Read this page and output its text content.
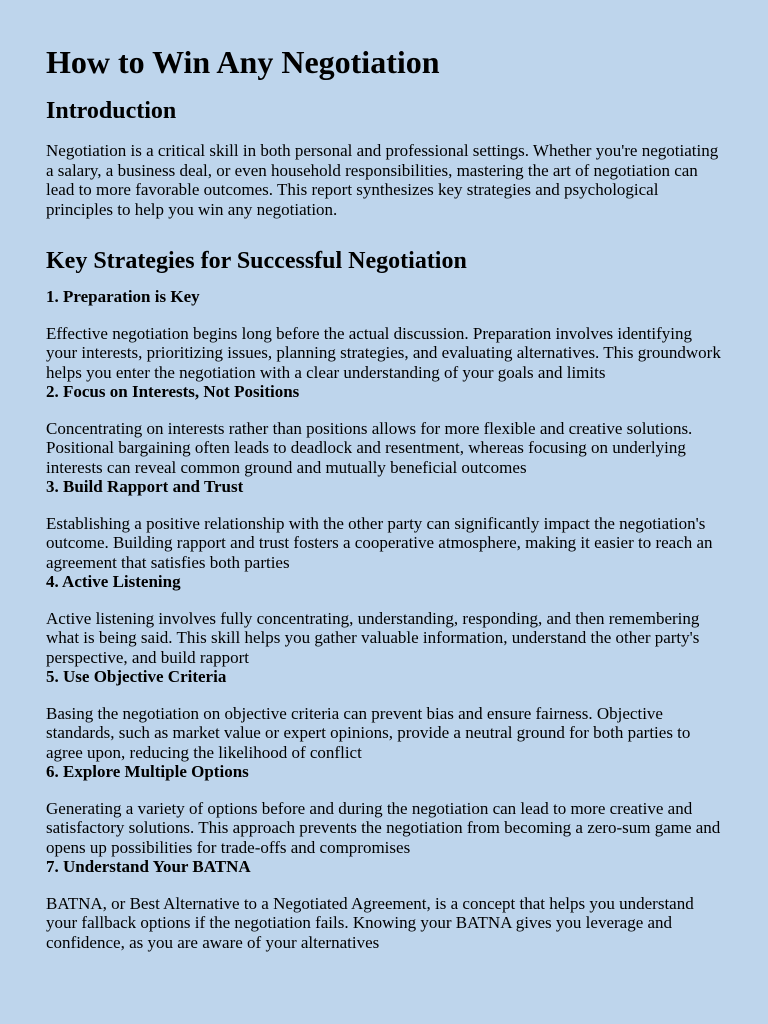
How to Win Any Negotiation
Introduction

Negotiation is a critical skill in both personal and professional settings. Whether you're negotiating a salary, a business deal, or even household responsibilities, mastering the art of negotiation can lead to more favorable outcomes. This report synthesizes key strategies and psychological principles to help you win any negotiation.

Key Strategies for Successful Negotiation
1. Preparation is Key

Effective negotiation begins long before the actual discussion. Preparation involves identifying your interests, prioritizing issues, planning strategies, and evaluating alternatives. This groundwork helps you enter the negotiation with a clear understanding of your goals and limits

2. Focus on Interests, Not Positions

Concentrating on interests rather than positions allows for more flexible and creative solutions. Positional bargaining often leads to deadlock and resentment, whereas focusing on underlying interests can reveal common ground and mutually beneficial outcomes

3. Build Rapport and Trust

Establishing a positive relationship with the other party can significantly impact the negotiation's outcome. Building rapport and trust fosters a cooperative atmosphere, making it easier to reach an agreement that satisfies both parties

4. Active Listening

Active listening involves fully concentrating, understanding, responding, and then remembering what is being said. This skill helps you gather valuable information, understand the other party's perspective, and build rapport

5. Use Objective Criteria

Basing the negotiation on objective criteria can prevent bias and ensure fairness. Objective standards, such as market value or expert opinions, provide a neutral ground for both parties to agree upon, reducing the likelihood of conflict

6. Explore Multiple Options

Generating a variety of options before and during the negotiation can lead to more creative and satisfactory solutions. This approach prevents the negotiation from becoming a zero-sum game and opens up possibilities for trade-offs and compromises

7. Understand Your BATNA

BATNA, or Best Alternative to a Negotiated Agreement, is a concept that helps you understand your fallback options if the negotiation fails. Knowing your BATNA gives you leverage and confidence, as you are aware of your alternatives
